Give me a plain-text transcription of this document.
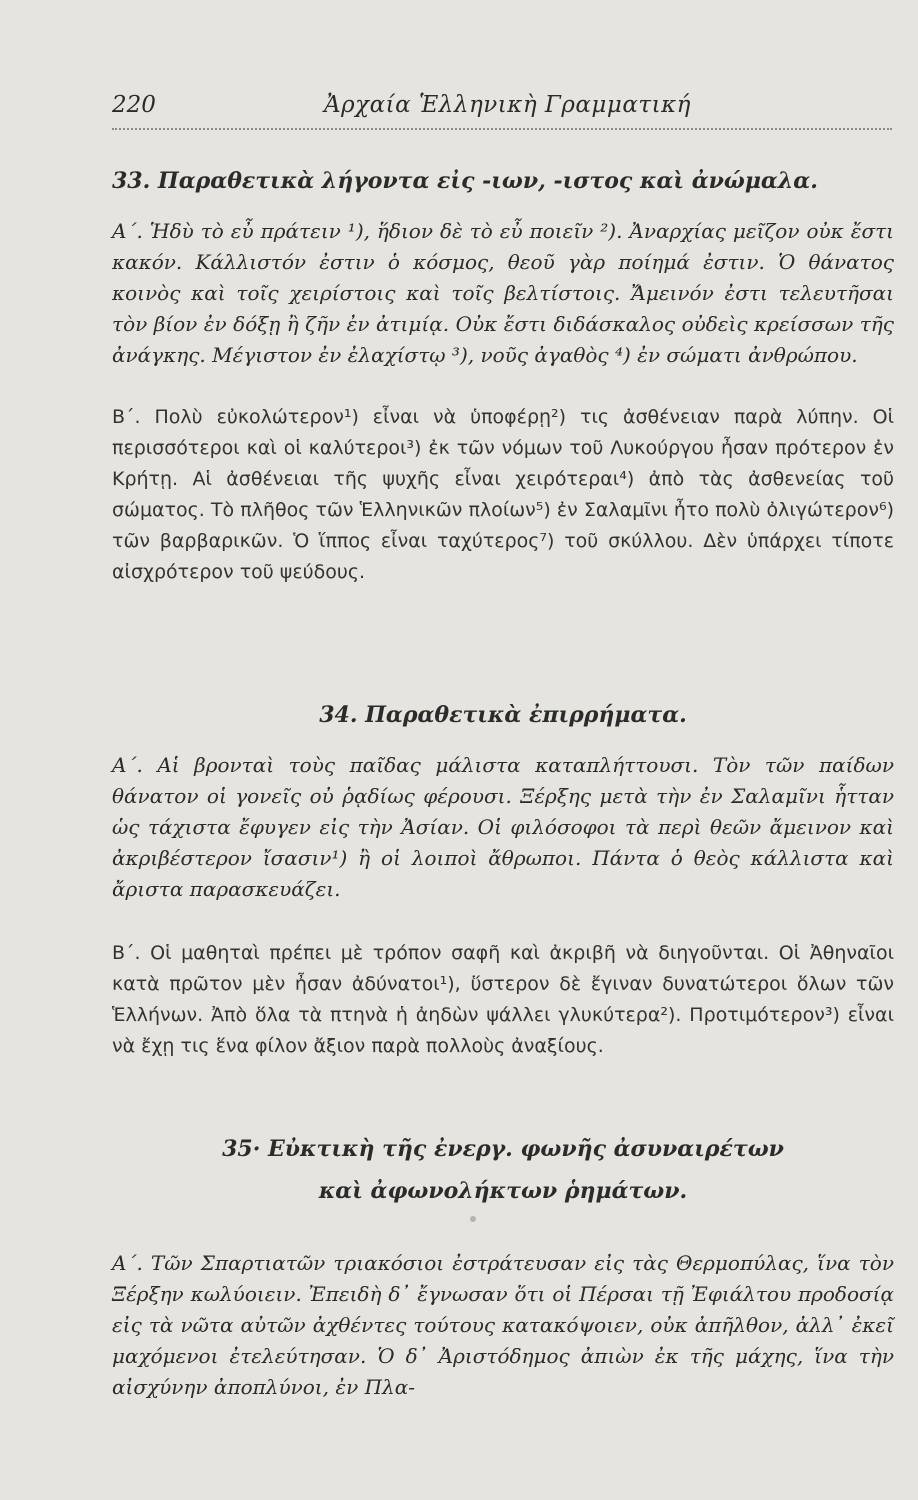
220	Ἀρχαία Ἑλληνικὴ Γραμματική
33. Παραθετικὰ λήγοντα εἰς -ιων, -ιστος καὶ ἀνώμαλα.
Α΄. Ἡδὺ τὸ εὖ πράτειν ¹), ἥδιον δὲ τὸ εὖ ποιεῖν ²). Ἀναρχίας μεῖζον οὐκ ἔστι κακόν. Κάλλιστόν ἐστιν ὁ κόσμος, θεοῦ γὰρ ποίημά ἐστιν. Ὁ θάνατος κοινὸς καὶ τοῖς χειρίστοις καὶ τοῖς βελτίστοις. Ἄμεινόν ἐστι τελευτῆσαι τὸν βίον ἐν δόξῃ ἢ ζῆν ἐν ἀτιμίᾳ. Οὐκ ἔστι διδάσκαλος οὐδεὶς κρείσσων τῆς ἀνάγκης. Μέγιστον ἐν ἐλαχίστῳ ³), νοῦς ἀγαθὸς ⁴) ἐν σώματι ἀνθρώπου.
Β΄. Πολὺ εὐκολώτερον¹) εἶναι νὰ ὑποφέρῃ²) τις ἀσθένειαν παρὰ λύπην. Οἱ περισσότεροι καὶ οἱ καλύτεροι³) ἐκ τῶν νόμων τοῦ Λυκούργου ἦσαν πρότερον ἐν Κρήτῃ. Αἱ ἀσθένειαι τῆς ψυχῆς εἶναι χειρότεραι⁴) ἀπὸ τὰς ἀσθενείας τοῦ σώματος. Τὸ πλῆθος τῶν Ἑλληνικῶν πλοίων⁵) ἐν Σαλαμῖνι ἦτο πολὺ ὀλιγώτερον⁶) τῶν βαρβαρικῶν. Ὁ ἵππος εἶναι ταχύτερος⁷) τοῦ σκύλλου. Δὲν ὑπάρχει τίποτε αἰσχρότερον τοῦ ψεύδους.
34. Παραθετικὰ ἐπιρρήματα.
Α΄. Αἱ βρονταὶ τοὺς παῖδας μάλιστα καταπλήττουσι. Τὸν τῶν παίδων θάνατον οἱ γονεῖς οὐ ῥᾳδίως φέρουσι. Ξέρξης μετὰ τὴν ἐν Σαλαμῖνι ἧτταν ὡς τάχιστα ἔφυγεν εἰς τὴν Ἀσίαν. Οἱ φιλόσοφοι τὰ περὶ θεῶν ἄμεινον καὶ ἀκριβέστερον ἴσασιν¹) ἢ οἱ λοιποὶ ἄθρωποι. Πάντα ὁ θεὸς κάλλιστα καὶ ἄριστα παρασκευάζει.
Β΄. Οἱ μαθηταὶ πρέπει μὲ τρόπον σαφῆ καὶ ἀκριβῆ νὰ διηγοῦνται. Οἱ Ἀθηναῖοι κατὰ πρῶτον μὲν ἦσαν ἀδύνατοι¹), ὕστερον δὲ ἔγιναν δυνατώτεροι ὅλων τῶν Ἑλλήνων. Ἀπὸ ὅλα τὰ πτηνὰ ἡ ἀηδὼν ψάλλει γλυκύτερα²). Προτιμότερον³) εἶναι νὰ ἔχῃ τις ἕνα φίλον ἄξιον παρὰ πολλοὺς ἀναξίους.
35· Εὐκτικὴ τῆς ἐνεργ. φωνῆς ἀσυναιρέτων
καὶ ἀφωνολήκτων ῥημάτων.
Α΄. Τῶν Σπαρτιατῶν τριακόσιοι ἐστράτευσαν εἰς τὰς Θερμοπύλας, ἵνα τὸν Ξέρξην κωλύοιειν. Ἐπειδὴ δ᾽ ἔγνωσαν ὅτι οἱ Πέρσαι τῇ Ἐφιάλτου προδοσίᾳ εἰς τὰ νῶτα αὐτῶν ἀχθέντες τούτους κατακόψοιεν, οὐκ ἀπῆλθον, ἀλλ᾽ ἐκεῖ μαχόμενοι ἐτελεύτησαν. Ὁ δ᾽ Ἀριστόδημος ἀπιὼν ἐκ τῆς μάχης, ἵνα τὴν αἰσχύνην ἀποπλύνοι, ἐν Πλα-
